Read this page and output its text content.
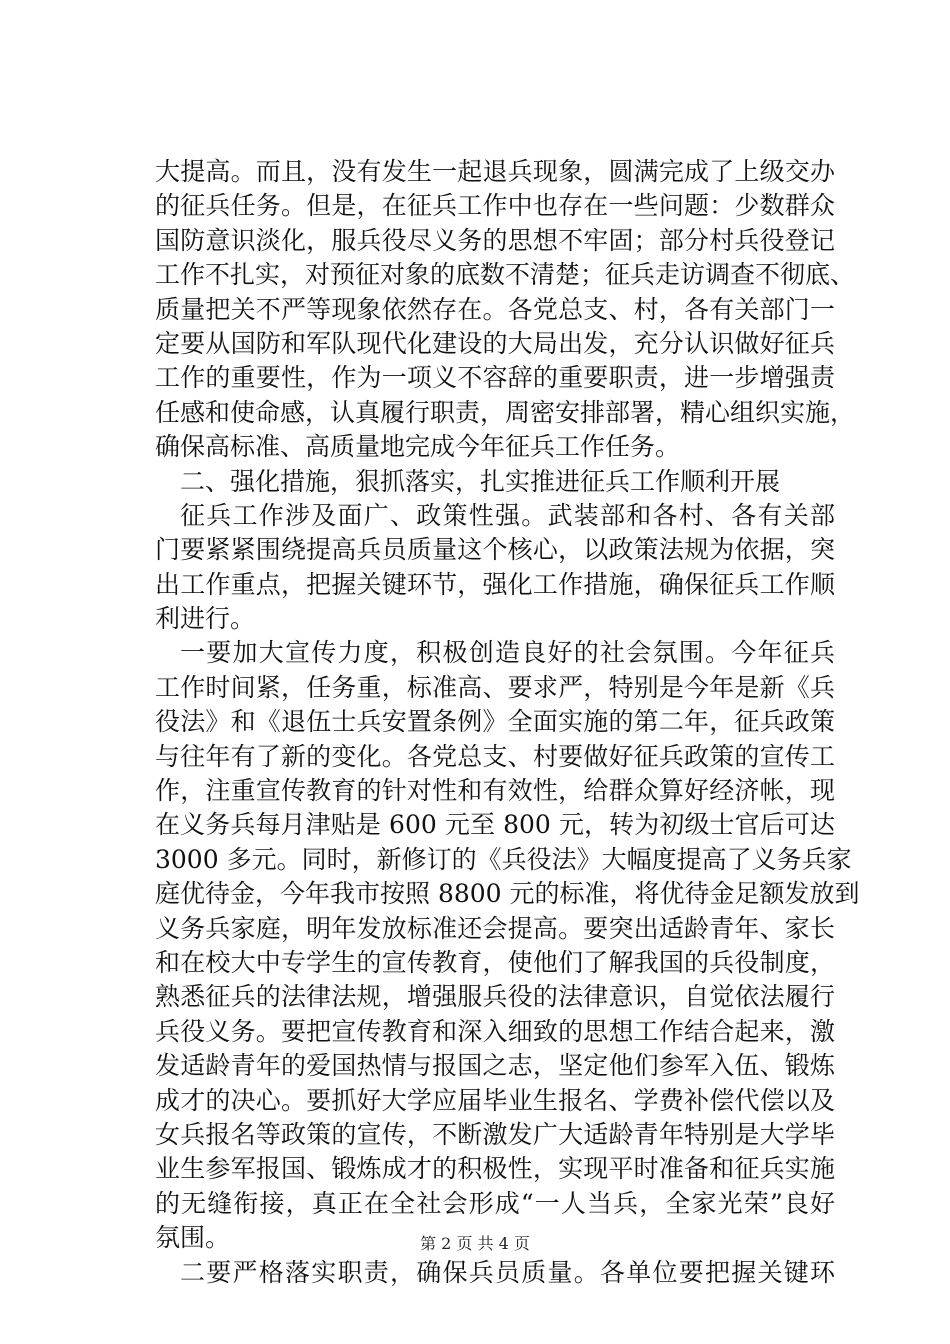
大提高。而且，没有发生一起退兵现象，圆满完成了上级交办
的征兵任务。但是，在征兵工作中也存在一些问题：少数群众
国防意识淡化，服兵役尽义务的思想不牢固；部分村兵役登记
工作不扎实，对预征对象的底数不清楚；征兵走访调查不彻底、
质量把关不严等现象依然存在。各党总支、村，各有关部门一
定要从国防和军队现代化建设的大局出发，充分认识做好征兵
工作的重要性，作为一项义不容辞的重要职责，进一步增强责
任感和使命感，认真履行职责，周密安排部署，精心组织实施，
确保高标准、高质量地完成今年征兵工作任务。
二、强化措施，狠抓落实，扎实推进征兵工作顺利开展
征兵工作涉及面广、政策性强。武装部和各村、各有关部
门要紧紧围绕提高兵员质量这个核心，以政策法规为依据，突
出工作重点，把握关键环节，强化工作措施，确保征兵工作顺
利进行。
一要加大宣传力度，积极创造良好的社会氛围。今年征兵
工作时间紧，任务重，标准高、要求严，特别是今年是新《兵
役法》和《退伍士兵安置条例》全面实施的第二年，征兵政策
与往年有了新的变化。各党总支、村要做好征兵政策的宣传工
作，注重宣传教育的针对性和有效性，给群众算好经济帐，现
在义务兵每月津贴是 600 元至 800 元，转为初级士官后可达
3000 多元。同时，新修订的《兵役法》大幅度提高了义务兵家
庭优待金，今年我市按照 8800 元的标准，将优待金足额发放到
义务兵家庭，明年发放标准还会提高。要突出适龄青年、家长
和在校大中专学生的宣传教育，使他们了解我国的兵役制度，
熟悉征兵的法律法规，增强服兵役的法律意识，自觉依法履行
兵役义务。要把宣传教育和深入细致的思想工作结合起来，激
发适龄青年的爱国热情与报国之志，坚定他们参军入伍、锻炼
成才的决心。要抓好大学应届毕业生报名、学费补偿代偿以及
女兵报名等政策的宣传，不断激发广大适龄青年特别是大学毕
业生参军报国、锻炼成才的积极性，实现平时准备和征兵实施
的无缝衔接，真正在全社会形成“一人当兵，全家光荣”良好
氛围。
二要严格落实职责，确保兵员质量。各单位要把握关键环
第 2 页 共 4 页
